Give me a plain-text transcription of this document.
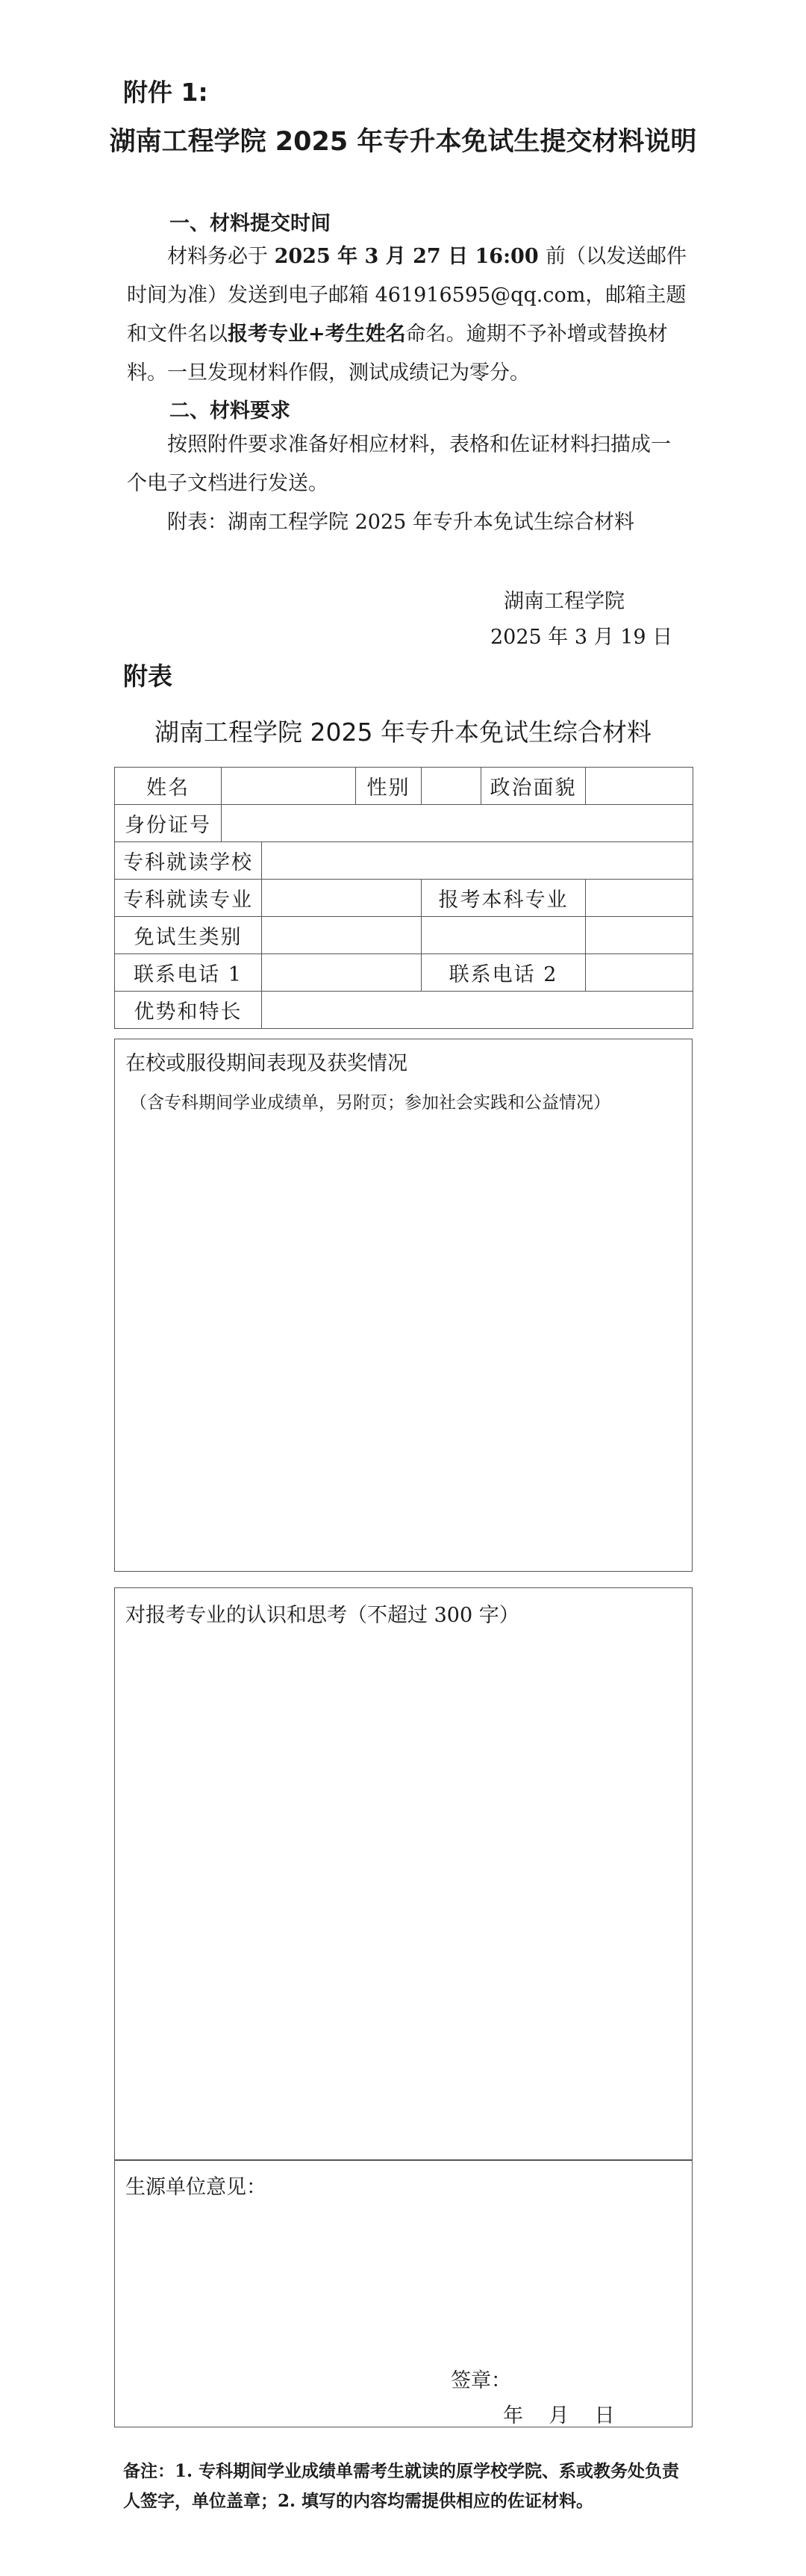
附件 1:
湖南工程学院 2025 年专升本免试生提交材料说明
一、材料提交时间

材料务必于 2025 年 3 月 27 日 16:00 前（以发送邮件时间为准）发送到电子邮箱 461916595@qq.com，邮箱主题和文件名以报考专业+考生姓名命名。逾期不予补增或替换材料。一旦发现材料作假，测试成绩记为零分。

二、材料要求

按照附件要求准备好相应材料，表格和佐证材料扫描成一个电子文档进行发送。

附表：湖南工程学院 2025 年专升本免试生综合材料

湖南工程学院
2025 年 3 月 19 日
附表
湖南工程学院 2025 年专升本免试生综合材料
姓名			性别		政治面貌	
身份证号						
专科就读学校						
专科就读专业				报考本科专业		
免试生类别						
联系电话 1				联系电话 2		
优势和特长						
在校或服役期间表现及获奖情况
（含专科期间学业成绩单，另附页；参加社会实践和公益情况）
对报考专业的认识和思考（不超过 300 字）
生源单位意见：
签章：
年    月    日
备注：1. 专科期间学业成绩单需考生就读的原学校学院、系或教务处负责人签字，单位盖章；2. 填写的内容均需提供相应的佐证材料。
